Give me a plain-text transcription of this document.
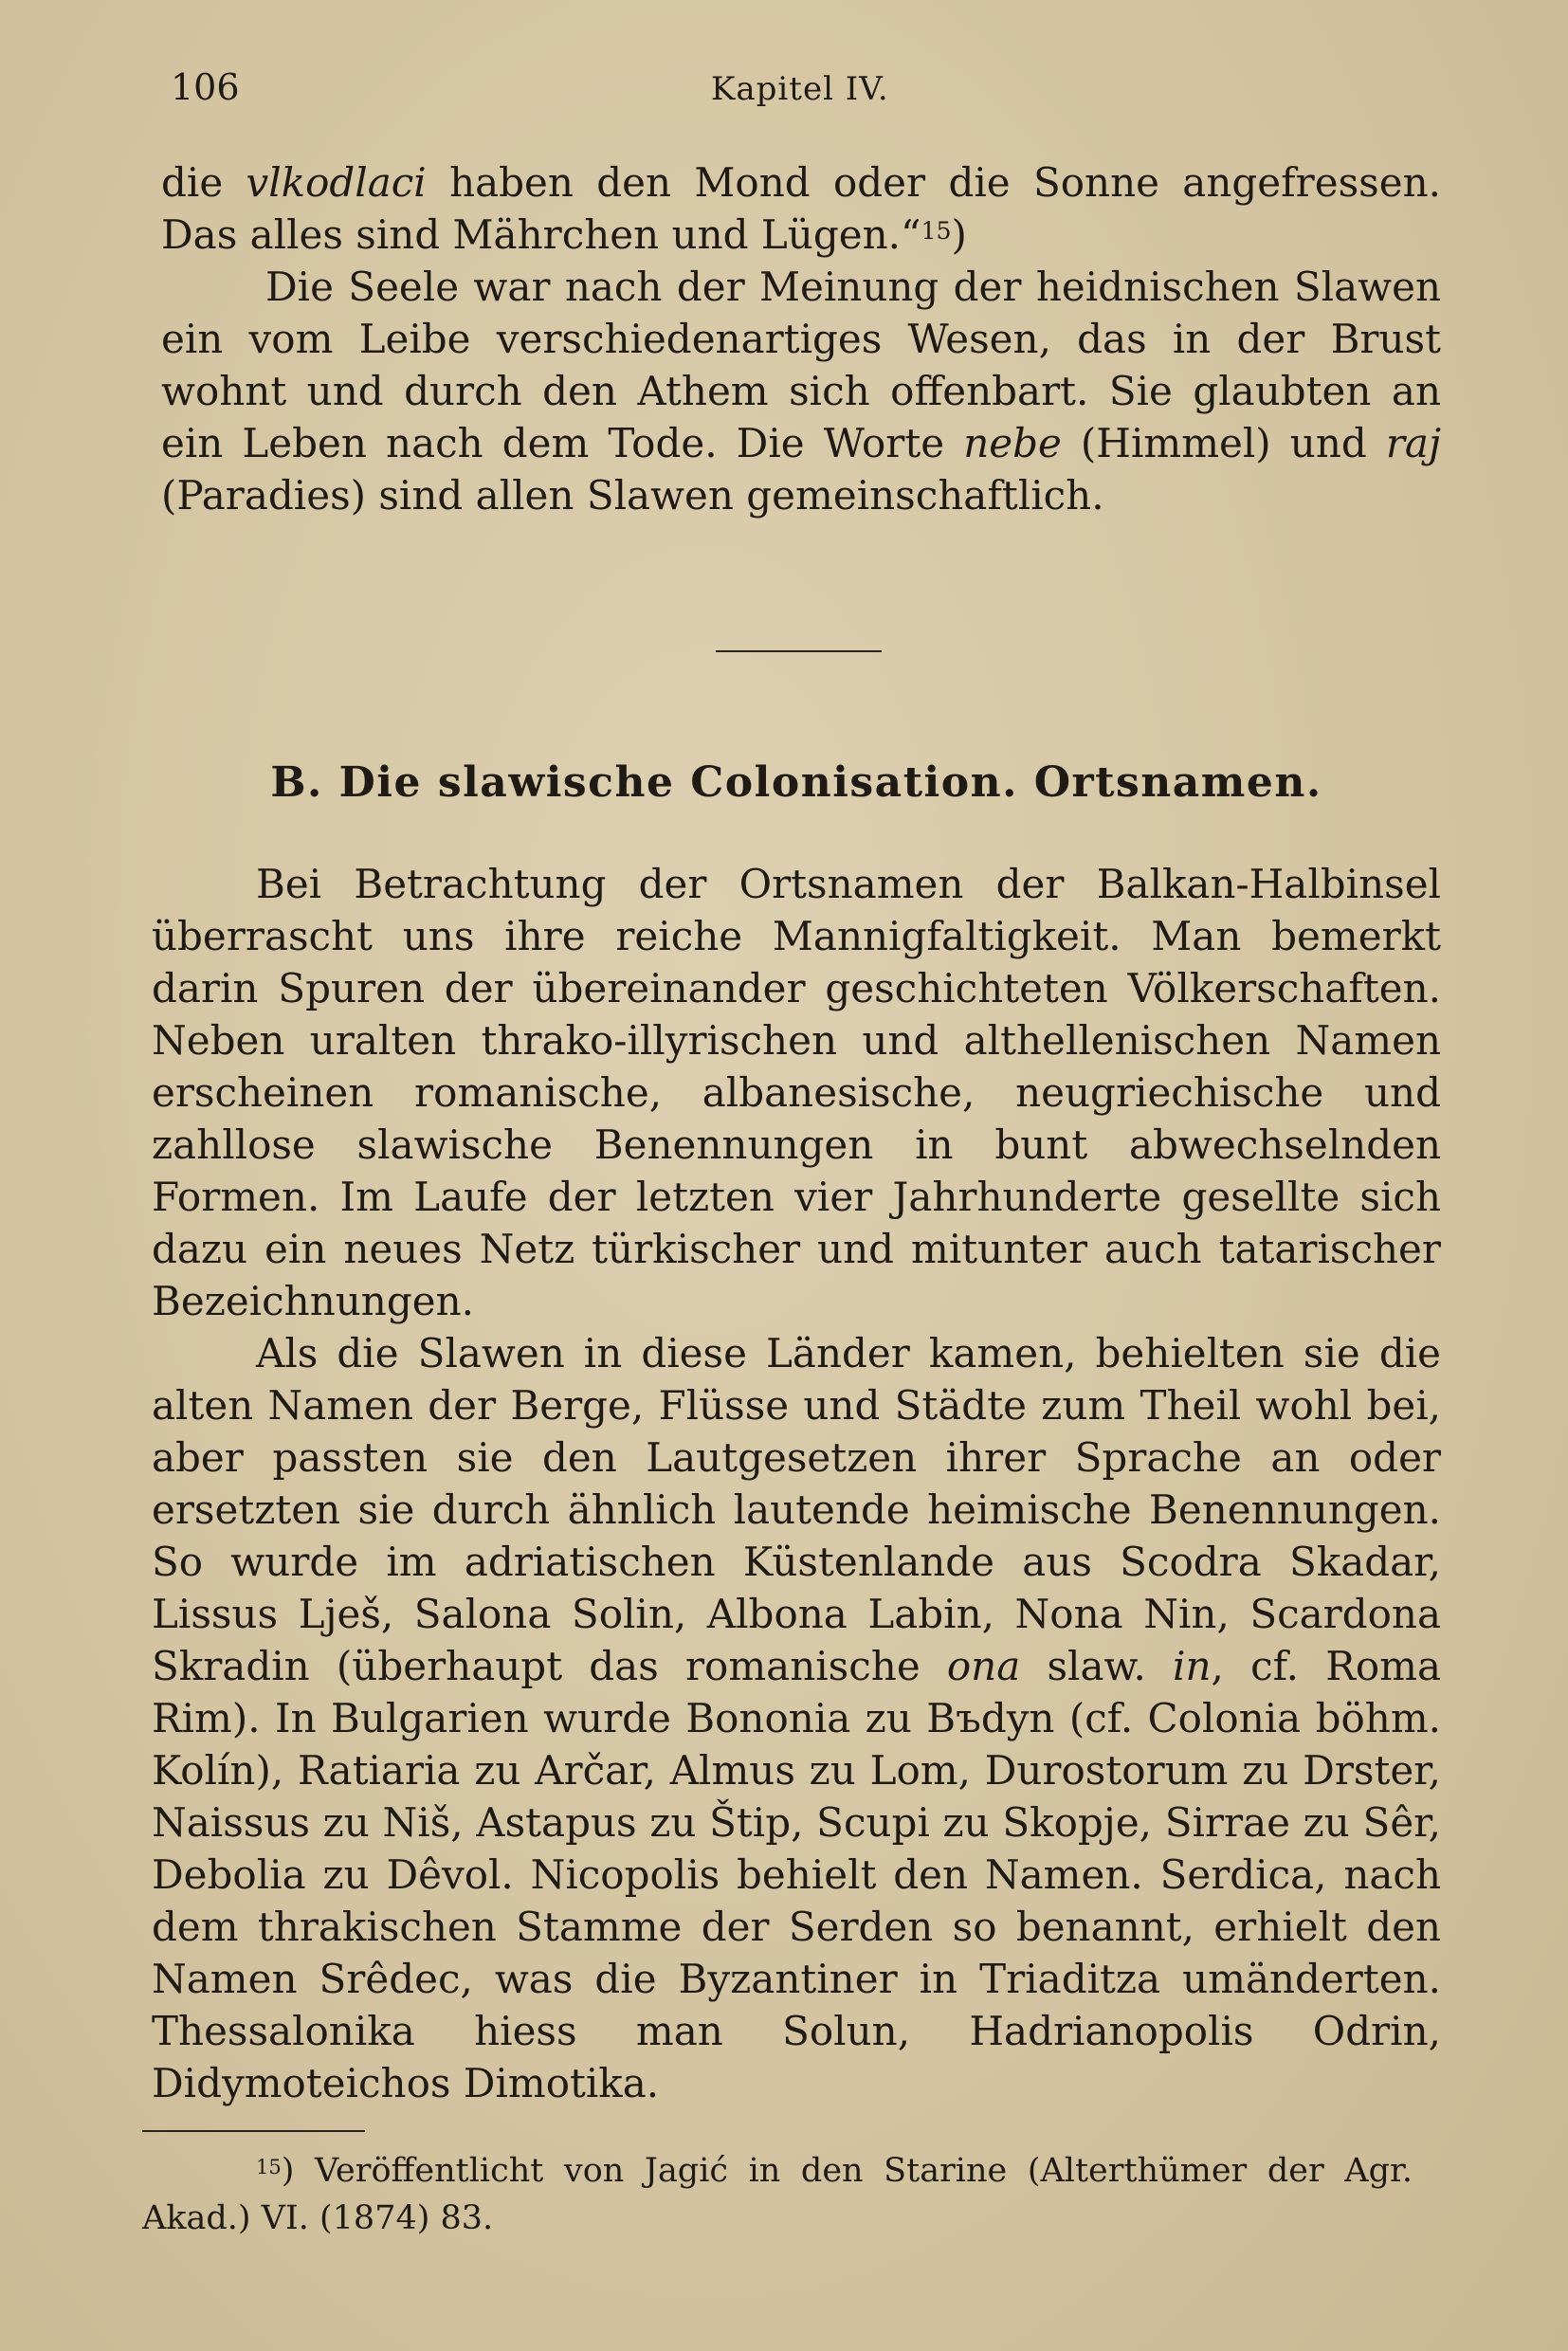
106	Kapitel IV.

die vlkodlaci haben den Mond oder die Sonne angefressen. Das alles sind Mährchen und Lügen.“$^{15}$)

Die Seele war nach der Meinung der heidnischen Slawen ein vom Leibe verschiedenartiges Wesen, das in der Brust wohnt und durch den Athem sich offenbart. Sie glaubten an ein Leben nach dem Tode. Die Worte nebe (Himmel) und raj (Paradies) sind allen Slawen gemeinschaftlich.

B. Die slawische Colonisation. Ortsnamen.

Bei Betrachtung der Ortsnamen der Balkan-Halbinsel überrascht uns ihre reiche Mannigfaltigkeit. Man bemerkt darin Spuren der übereinander geschichteten Völkerschaften. Neben uralten thrako-illyrischen und althellenischen Namen erscheinen romanische, albanesische, neugriechische und zahllose slawische Benennungen in bunt abwechselnden Formen. Im Laufe der letzten vier Jahrhunderte gesellte sich dazu ein neues Netz türkischer und mitunter auch tatarischer Bezeichnungen.

Als die Slawen in diese Länder kamen, behielten sie die alten Namen der Berge, Flüsse und Städte zum Theil wohl bei, aber passten sie den Lautgesetzen ihrer Sprache an oder ersetzten sie durch ähnlich lautende heimische Benennungen. So wurde im adriatischen Küstenlande aus Scodra Skadar, Lissus Lješ, Salona Solin, Albona Labin, Nona Nin, Scardona Skradin (überhaupt das romanische ona slaw. in, cf. Roma Rim). In Bulgarien wurde Bononia zu Bъdyn (cf. Colonia böhm. Kolín), Ratiaria zu Arčar, Almus zu Lom, Durostorum zu Drster, Naissus zu Niš, Astapus zu Štip, Scupi zu Skopje, Sirrae zu Sêr, Debolia zu Dêvol. Nicopolis behielt den Namen. Serdica, nach dem thrakischen Stamme der Serden so benannt, erhielt den Namen Srêdec, was die Byzantiner in Triaditza umänderten. Thessalonika hiess man Solun, Hadrianopolis Odrin, Didymoteichos Dimotika.

$^{15}$) Veröffentlicht von Jagić in den Starine (Alterthümer der Agr. Akad.) VI. (1874) 83.
